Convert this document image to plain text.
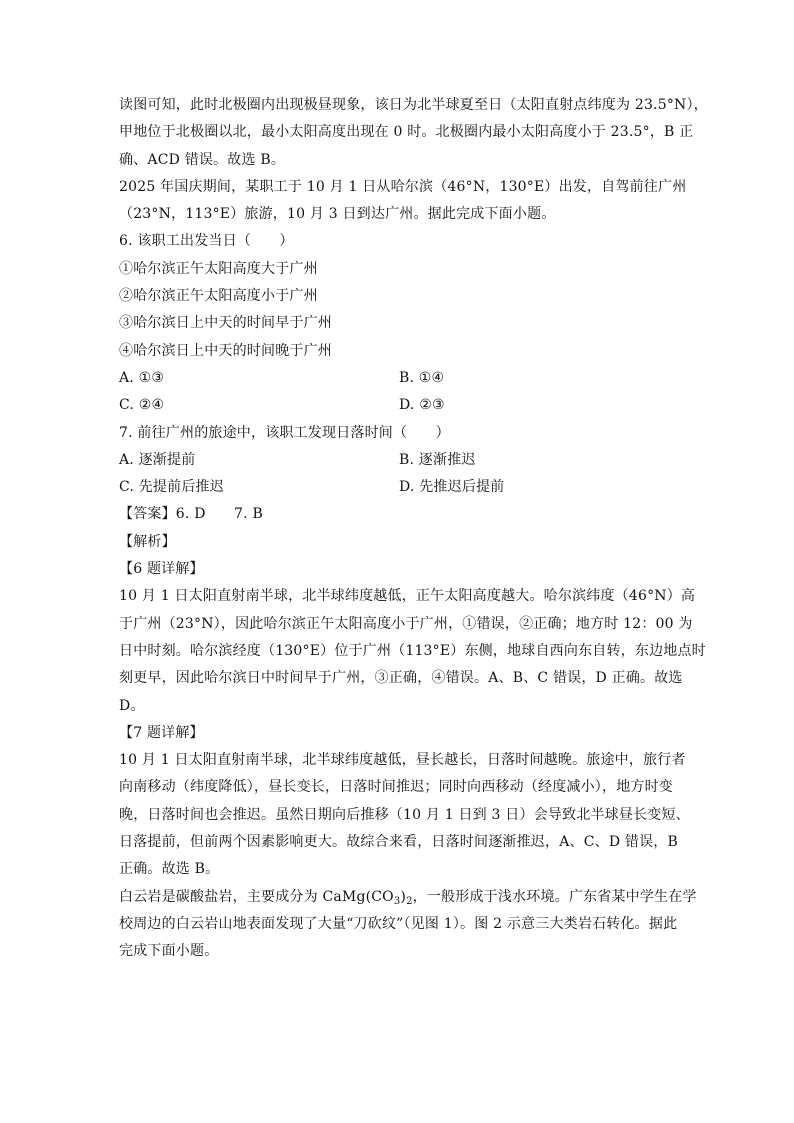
读图可知，此时北极圈内出现极昼现象，该日为北半球夏至日（太阳直射点纬度为 23.5°N），
甲地位于北极圈以北，最小太阳高度出现在 0 时。北极圈内最小太阳高度小于 23.5°，B 正
确、ACD 错误。故选 B。
2025 年国庆期间，某职工于 10 月 1 日从哈尔滨（46°N，130°E）出发，自驾前往广州
（23°N，113°E）旅游，10 月 3 日到达广州。据此完成下面小题。
6. 该职工出发当日（　　）
①哈尔滨正午太阳高度大于广州
②哈尔滨正午太阳高度小于广州
③哈尔滨日上中天的时间早于广州
④哈尔滨日上中天的时间晚于广州
A. ①③	B. ①④
C. ②④	D. ②③
7. 前往广州的旅途中，该职工发现日落时间（　　）
A. 逐渐提前	B. 逐渐推迟
C. 先提前后推迟	D. 先推迟后提前
【答案】6. D　　7. B
【解析】
【6 题详解】
10 月 1 日太阳直射南半球，北半球纬度越低，正午太阳高度越大。哈尔滨纬度（46°N）高
于广州（23°N），因此哈尔滨正午太阳高度小于广州，①错误，②正确；地方时 12：00 为
日中时刻。哈尔滨经度（130°E）位于广州（113°E）东侧，地球自西向东自转，东边地点时
刻更早，因此哈尔滨日中时间早于广州，③正确，④错误。A、B、C 错误，D 正确。故选
D。
【7 题详解】
10 月 1 日太阳直射南半球，北半球纬度越低，昼长越长，日落时间越晚。旅途中，旅行者
向南移动（纬度降低），昼长变长，日落时间推迟；同时向西移动（经度减小），地方时变
晚，日落时间也会推迟。虽然日期向后推移（10 月 1 日到 3 日）会导致北半球昼长变短、
日落提前，但前两个因素影响更大。故综合来看，日落时间逐渐推迟，A、C、D 错误，B
正确。故选 B。
白云岩是碳酸盐岩，主要成分为 $CaMg(CO_3)_2$，一般形成于浅水环境。广东省某中学生在学
校周边的白云岩山地表面发现了大量“刀砍纹”（见图 1）。图 2 示意三大类岩石转化。据此
完成下面小题。
